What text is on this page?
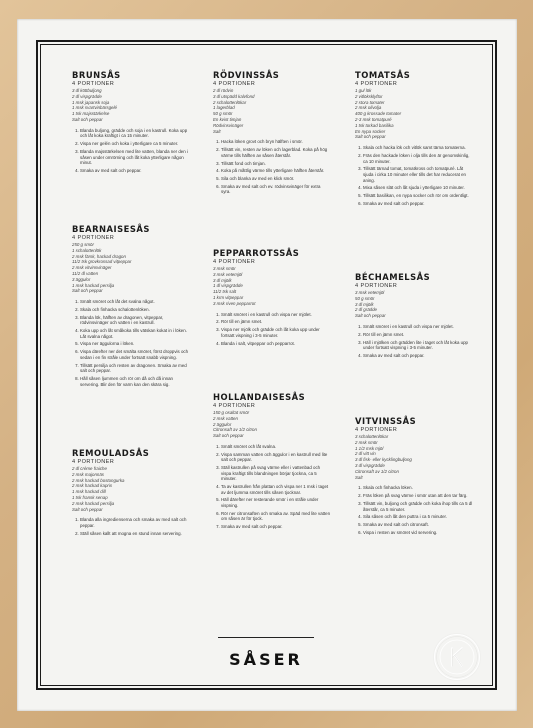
BRUNSÅS
4 PORTIONER
3 dl köttbuljong
2 dl vispgrädde
1 msk japansk soja
1 msk svartvinbärsgelé
1 tsk majsstärkelse
Salt och peppar
1. Blanda buljong, grädde och soja i en kastrull. Koka upp och låt koka kraftigt i ca 15 minuter.
2. Vispa ner gelén och koka i ytterligare ca 5 minuter.
3. Blanda majsstärkelsen med lite vatten, blanda ner den i såsen under omrörning och låt koka ytterligare någon minut.
4. Smaka av med salt och peppar.
BEARNAISESÅS
4 PORTIONER
250 g smör
1 schalottenlök
2 msk färsk, hackad dragon
11/2 tsk grovkrossad vitpeppar
2 msk vitvinsvinäger
11/2 dl vatten
3 äggulor
1 msk hackad persilja
Salt och peppar
1. Smält smöret och låt det svalna något.
2. Skala och finhacka schalottenlöken.
3. Blanda lök, hälften av dragonen, vitpeppar, rödvinsvinäger och vatten i en kastrull.
4. Koka upp och låt småkoka tills vätskan kokat in i löken. Låt svalna något.
5. Vispa ner äggulorna i löken.
6. Vispa därefter ner det smälta smöret, först droppvis och sedan i en fin stråle under fortsatt snabb vispning.
7. Tillsätt persilja och resten av dragonen. Smaka av med salt och peppar.
8. Håll såsen ljummen och rör om då och då innan servering. Blir den för varm kan den skära sig.
REMOULADSÅS
4 PORTIONER
2 dl crème fraiche
2 msk majonnäs
2 msk hackad bostongurka
2 msk hackad kapris
1 msk hackad dill
1 tsk fransk senap
2 msk hackad persilja
Salt och peppar
1. Blanda alla ingredienserna och smaka av med salt och peppar.
2. Ställ såsen kallt att mogna en stund innan servering.
RÖDVINSSÅS
4 PORTIONER
2 dl rödvin
3 dl utspädd kalvfond
2 schalottenlökar
1 lagerblad
50 g smör
En kvist timjan
Rödvinsvinäger
Salt
1. Hacka löken grovt och bryn hälften i smör.
2. Tillsätt vin, resten av löken och lagerblad. Koka på hög värme tills hälften av såsen återstår.
3. Tillsätt fond och timjan.
4. Koka på måttlig värme tills ytterligare hälften återstår.
5. Sila och blanka av med en klick smör.
6. Smaka av med salt och ev. rödvinsvinäger för extra syra.
PEPPARROTSSÅS
4 PORTIONER
3 msk smör
3 msk vetemjöl
3 dl mjölk
1 dl vispgrädde
11/2 tsk salt
1 krm vitpeppar
3 msk riven pepparrot
1. Smält smöret i en kastrull och vispa ner mjölet.
2. Rör till en jämn smet.
3. Vispa ner mjölk och grädde och låt koka upp under fortsatt vispning i 3-5 minuter.
4. Blanda i salt, vitpeppar och pepparrot.
HOLLANDAISESÅS
4 PORTIONER
150 g osaltat smör
2 msk vatten
2 äggulor
Citronsaft av 1/2 citron
Salt och peppar
1. Smält smöret och låt svalna.
2. Vispa samman vatten och äggulor i en kastrull med lite salt och peppar.
3. Ställ kastrullen på svag värme eller i vattenbad och vispa kraftigt tills blandningen börjar tjockna, ca 5 minuter.
4. Ta av kastrullen från plattan och vispa ner 1 msk i taget av det ljumma smöret tills såsen tjocknar.
5. Häll därefter ner resterande smör i en stråle under vispning.
6. Rör ner citronsaften och smaka av. Späd med lite vatten om såsen är för tjock.
7. Smaka av med salt och peppar.
TOMATSÅS
4 PORTIONER
1 gul lök
2 vitlöksklyftor
2 stora tomater
2 msk olivolja
400 g krossade tomater
2-3 msk tomatpuré
1 tsk torkad basilika
En nypa socker
Salt och peppar
1. Skala och hacka lök och vitlök samt tärna tomaterna.
2. Fräs den hackade löken i olja tills den är genomskinlig, ca 10 minuter.
3. Tillsätt tärnad tomat, tomatkross och tomatpuré. Låt sjuda i cirka 10 minuter eller tills det har reducerat en aning.
4. Mixa såsen slät och låt sjuda i ytterligare 10 minuter.
5. Tillsätt basilikan, en nypa socker och rör om ordentligt.
6. Smaka av med salt och peppar.
BÉCHAMELSÅS
4 PORTIONER
3 msk vetemjöl
50 g smör
3 dl mjölk
2 dl grädde
Salt och peppar
1. Smält smöret i en kastrull och vispa ner mjölet.
2. Rör till en jämn smet.
3. Häll i mjölken och grädden lite i taget och låt koka upp under fortsatt vispning i 3-5 minuter.
4. Smaka av med salt och peppar.
VITVINSSÅS
4 PORTIONER
3 schalottenlökar
2 msk smör
1 1/2 msk mjöl
2 dl vitt vin
3 dl fisk- eller kycklingbuljong
3 dl vispgrädde
Citronsaft av 1/2 citron
Salt
1. Skala och finhacka löken.
2. Fräs löken på svag värme i smör utan att den tar färg.
3. Tillsätt vin, buljong och grädde och koka ihop tills ca 5 dl återstår, ca 5 minuter.
4. Sila såsen och låt den puttra i ca 5 minuter.
5. Smaka av med salt och citronsaft.
6. Vispa i resten av smöret vid servering.
SÅSER
